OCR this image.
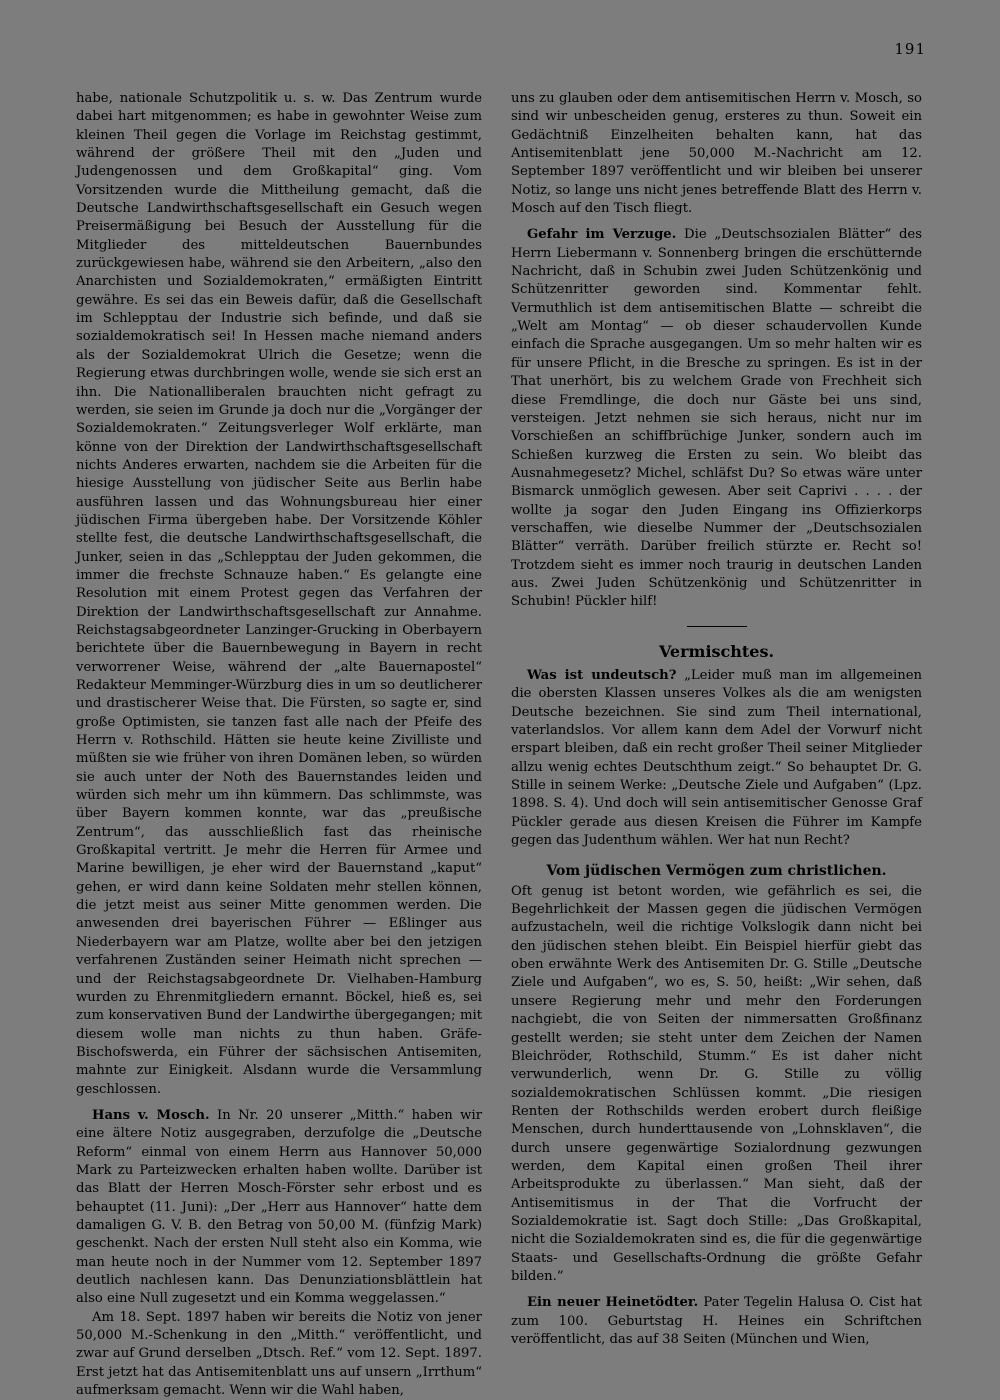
191

habe, nationale Schutzpolitik u. s. w. Das Zentrum wurde dabei hart mitgenommen; es habe in gewohnter Weise zum kleinen Theil gegen die Vorlage im Reichstag gestimmt, während der größere Theil mit den „Juden und Judengenossen und dem Großkapital“ ging. Vom Vorsitzenden wurde die Mittheilung gemacht, daß die Deutsche Landwirthschaftsgesellschaft ein Gesuch wegen Preisermäßigung bei Besuch der Ausstellung für die Mitglieder des mitteldeutschen Bauernbundes zurückgewiesen habe, während sie den Arbeitern, „also den Anarchisten und Sozialdemokraten,“ ermäßigten Eintritt gewähre. Es sei das ein Beweis dafür, daß die Gesellschaft im Schlepptau der Industrie sich befinde, und daß sie sozialdemokratisch sei! In Hessen mache niemand anders als der Sozialdemokrat Ulrich die Gesetze; wenn die Regierung etwas durchbringen wolle, wende sie sich erst an ihn. Die Nationalliberalen brauchten nicht gefragt zu werden, sie seien im Grunde ja doch nur die „Vorgänger der Sozialdemokraten.“ Zeitungsverleger Wolf erklärte, man könne von der Direktion der Landwirthschaftsgesellschaft nichts Anderes erwarten, nachdem sie die Arbeiten für die hiesige Ausstellung von jüdischer Seite aus Berlin habe ausführen lassen und das Wohnungsbureau hier einer jüdischen Firma übergeben habe. Der Vorsitzende Köhler stellte fest, die deutsche Landwirthschaftsgesellschaft, die Junker, seien in das „Schlepptau der Juden gekommen, die immer die frechste Schnauze haben.“ Es gelangte eine Resolution mit einem Protest gegen das Verfahren der Direktion der Landwirthschaftsgesellschaft zur Annahme. Reichstagsabgeordneter Lanzinger-Grucking in Oberbayern berichtete über die Bauernbewegung in Bayern in recht verworrener Weise, während der „alte Bauernapostel“ Redakteur Memminger-Würzburg dies in um so deutlicherer und drastischerer Weise that. Die Fürsten, so sagte er, sind große Optimisten, sie tanzen fast alle nach der Pfeife des Herrn v. Rothschild. Hätten sie heute keine Zivilliste und müßten sie wie früher von ihren Domänen leben, so würden sie auch unter der Noth des Bauernstandes leiden und würden sich mehr um ihn kümmern. Das schlimmste, was über Bayern kommen konnte, war das „preußische Zentrum“, das ausschließlich fast das rheinische Großkapital vertritt. Je mehr die Herren für Armee und Marine bewilligen, je eher wird der Bauernstand „kaput“ gehen, er wird dann keine Soldaten mehr stellen können, die jetzt meist aus seiner Mitte genommen werden. Die anwesenden drei bayerischen Führer — Eßlinger aus Niederbayern war am Platze, wollte aber bei den jetzigen verfahrenen Zuständen seiner Heimath nicht sprechen — und der Reichstagsabgeordnete Dr. Vielhaben-Hamburg wurden zu Ehrenmitgliedern ernannt. Böckel, hieß es, sei zum konservativen Bund der Landwirthe übergegangen; mit diesem wolle man nichts zu thun haben. Gräfe-Bischofswerda, ein Führer der sächsischen Antisemiten, mahnte zur Einigkeit. Alsdann wurde die Versammlung geschlossen.

Hans v. Mosch. In Nr. 20 unserer „Mitth.“ haben wir eine ältere Notiz ausgegraben, derzufolge die „Deutsche Reform“ einmal von einem Herrn aus Hannover 50,000 Mark zu Parteizwecken erhalten haben wollte. Darüber ist das Blatt der Herren Mosch-Förster sehr erbost und es behauptet (11. Juni): „Der „Herr aus Hannover“ hatte dem damaligen G. V. B. den Betrag von 50,00 M. (fünfzig Mark) geschenkt. Nach der ersten Null steht also ein Komma, wie man heute noch in der Nummer vom 12. September 1897 deutlich nachlesen kann. Das Denunziationsblättlein hat also eine Null zugesetzt und ein Komma weggelassen.“

Am 18. Sept. 1897 haben wir bereits die Notiz von jener 50,000 M.-Schenkung in den „Mitth.“ veröffentlicht, und zwar auf Grund derselben „Dtsch. Ref.“ vom 12. Sept. 1897. Erst jetzt hat das Antisemitenblatt uns auf unsern „Irrthum“ aufmerksam gemacht. Wenn wir die Wahl haben,

uns zu glauben oder dem antisemitischen Herrn v. Mosch, so sind wir unbescheiden genug, ersteres zu thun. Soweit ein Gedächtniß Einzelheiten behalten kann, hat das Antisemitenblatt jene 50,000 M.-Nachricht am 12. September 1897 veröffentlicht und wir bleiben bei unserer Notiz, so lange uns nicht jenes betreffende Blatt des Herrn v. Mosch auf den Tisch fliegt.

Gefahr im Verzuge. Die „Deutschsozialen Blätter“ des Herrn Liebermann v. Sonnenberg bringen die erschütternde Nachricht, daß in Schubin zwei Juden Schützenkönig und Schützenritter geworden sind. Kommentar fehlt. Vermuthlich ist dem antisemitischen Blatte — schreibt die „Welt am Montag“ — ob dieser schaudervollen Kunde einfach die Sprache ausgegangen. Um so mehr halten wir es für unsere Pflicht, in die Bresche zu springen. Es ist in der That unerhört, bis zu welchem Grade von Frechheit sich diese Fremdlinge, die doch nur Gäste bei uns sind, versteigen. Jetzt nehmen sie sich heraus, nicht nur im Vorschießen an schiffbrüchige Junker, sondern auch im Schießen kurzweg die Ersten zu sein. Wo bleibt das Ausnahmegesetz? Michel, schläfst Du? So etwas wäre unter Bismarck unmöglich gewesen. Aber seit Caprivi . . . . der wollte ja sogar den Juden Eingang ins Offizierkorps verschaffen, wie dieselbe Nummer der „Deutschsozialen Blätter“ verräth. Darüber freilich stürzte er. Recht so! Trotzdem sieht es immer noch traurig in deutschen Landen aus. Zwei Juden Schützenkönig und Schützenritter in Schubin! Pückler hilf!

Vermischtes.

Was ist undeutsch? „Leider muß man im allgemeinen die obersten Klassen unseres Volkes als die am wenigsten Deutsche bezeichnen. Sie sind zum Theil international, vaterlandslos. Vor allem kann dem Adel der Vorwurf nicht erspart bleiben, daß ein recht großer Theil seiner Mitglieder allzu wenig echtes Deutschthum zeigt.“ So behauptet Dr. G. Stille in seinem Werke: „Deutsche Ziele und Aufgaben“ (Lpz. 1898. S. 4). Und doch will sein antisemitischer Genosse Graf Pückler gerade aus diesen Kreisen die Führer im Kampfe gegen das Judenthum wählen. Wer hat nun Recht?

Vom jüdischen Vermögen zum christlichen.

Oft genug ist betont worden, wie gefährlich es sei, die Begehrlichkeit der Massen gegen die jüdischen Vermögen aufzustacheln, weil die richtige Volkslogik dann nicht bei den jüdischen stehen bleibt. Ein Beispiel hierfür giebt das oben erwähnte Werk des Antisemiten Dr. G. Stille „Deutsche Ziele und Aufgaben“, wo es, S. 50, heißt: „Wir sehen, daß unsere Regierung mehr und mehr den Forderungen nachgiebt, die von Seiten der nimmersatten Großfinanz gestellt werden; sie steht unter dem Zeichen der Namen Bleichröder, Rothschild, Stumm.“ Es ist daher nicht verwunderlich, wenn Dr. G. Stille zu völlig sozialdemokratischen Schlüssen kommt. „Die riesigen Renten der Rothschilds werden erobert durch fleißige Menschen, durch hunderttausende von „Lohnsklaven“, die durch unsere gegenwärtige Sozialordnung gezwungen werden, dem Kapital einen großen Theil ihrer Arbeitsprodukte zu überlassen.“ Man sieht, daß der Antisemitismus in der That die Vorfrucht der Sozialdemokratie ist. Sagt doch Stille: „Das Großkapital, nicht die Sozialdemokraten sind es, die für die gegenwärtige Staats- und Gesellschafts-Ordnung die größte Gefahr bilden.“

Ein neuer Heinetödter. Pater Tegelin Halusa O. Cist hat zum 100. Geburtstag H. Heines ein Schriftchen veröffentlicht, das auf 38 Seiten (München und Wien,
